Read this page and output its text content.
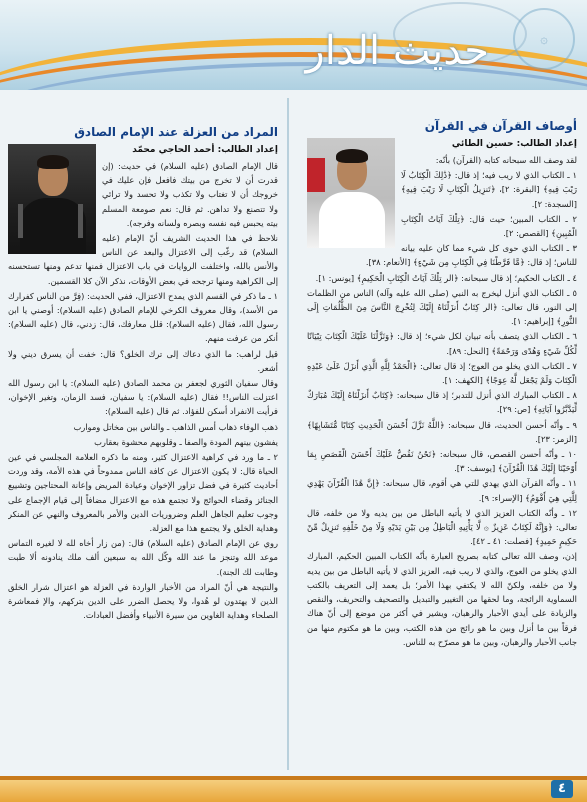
۞
حديث الدار
أوصاف القرآن في القرآن
إعداد الطالب: حسين الطائي

لقد وصف الله سبحانه كتابه (القرآن) بأنّه:

١ ـ الكتاب الذي لا ريب فيه؛ إذ قال: ﴿ذَٰلِكَ الْكِتَابُ لَا رَيْبَ فِيهِ﴾ [البقرة: ٢]، ﴿تَنزِيلُ الْكِتَابِ لَا رَيْبَ فِيهِ﴾ [السجدة: ٢].

٢ ـ الكتاب المبين؛ حيث قال: ﴿تِلْكَ آيَاتُ الْكِتَابِ الْمُبِينِ﴾ [القصص: ٢].

٣ ـ الكتاب الذي حوى كل شيء مما كان عليه بيانه للناس؛ إذ قال: ﴿مَّا فَرَّطْنَا فِي الْكِتَابِ مِن شَيْءٍ﴾ [الأنعام: ٣٨].

٤ ـ الكتاب الحكيم؛ إذ قال سبحانه: ﴿الر تِلْكَ آيَاتُ الْكِتَابِ الْحَكِيمِ﴾ [يونس: ١].

٥ ـ الكتاب الذي أنزل ليخرج به النبي (صلى الله عليه وآله) الناس من الظلمات إلى النور، قال تعالى: ﴿الر كِتَابٌ أَنزَلْنَاهُ إِلَيْكَ لِتُخْرِجَ النَّاسَ مِنَ الظُّلُمَاتِ إِلَى النُّورِ﴾ [إبراهيم: ١].

٦ ـ الكتاب الذي يتصف بأنه تبيان لكل شيء؛ إذ قال: ﴿وَنَزَّلْنَا عَلَيْكَ الْكِتَابَ تِبْيَانًا لِّكُلِّ شَيْءٍ وَهُدًى وَرَحْمَةً﴾ [النحل: ٨٩].

٧ ـ الكتاب الذي يخلو من العوج؛ إذ قال تعالى: ﴿الْحَمْدُ لِلَّهِ الَّذِي أَنزَلَ عَلَىٰ عَبْدِهِ الْكِتَابَ وَلَمْ يَجْعَل لَّهُ عِوَجًا﴾ [الكهف: ١].

٨ ـ الكتاب المبارك الذي أنزل للتدبر؛ إذ قال سبحانه: ﴿كِتَابٌ أَنزَلْنَاهُ إِلَيْكَ مُبَارَكٌ لِّيَدَّبَّرُوا آيَاتِهِ﴾ [ص: ٢٩].

٩ ـ وأنّه أحسن الحديث، قال سبحانه: ﴿اللَّهُ نَزَّلَ أَحْسَنَ الْحَدِيثِ كِتَابًا مُّتَشَابِهًا﴾ [الزمر: ٢٣].

١٠ ـ وأنّه أحسن القصص، قال سبحانه: ﴿نَحْنُ نَقُصُّ عَلَيْكَ أَحْسَنَ الْقَصَصِ بِمَا أَوْحَيْنَا إِلَيْكَ هَٰذَا الْقُرْآنَ﴾ [يوسف: ٣].

١١ ـ وأنّه القرآن الذي يهدي للتي هي أقوم، قال سبحانه: ﴿إِنَّ هَٰذَا الْقُرْآنَ يَهْدِي لِلَّتِي هِيَ أَقْوَمُ﴾ [الإسراء: ٩].

١٢ ـ وأنّه الكتاب العزيز الذي لا يأتيه الباطل من بين يديه ولا من خلفه، قال تعالى: ﴿وَإِنَّهُ لَكِتَابٌ عَزِيزٌ ۞ لَّا يَأْتِيهِ الْبَاطِلُ مِن بَيْنِ يَدَيْهِ وَلَا مِنْ خَلْفِهِ تَنزِيلٌ مِّنْ حَكِيمٍ حَمِيدٍ﴾ [فصلت: ٤١ ـ ٤٢].

إذن، وصف الله تعالى كتابه بصريح العبارة بأنّه الكتاب المبين الحكيم، المبارك الذي يخلو من العوج، والذي لا ريب فيه، العزيز الذي لا يأتيه الباطل من بين يديه ولا من خلفه، ولكنّ الله لا يكتفي بهذا الأمر؛ بل يعمد إلى التعريف بالكتب السماوية الرائجة، وما لحقها من التغيير والتبديل والتصحيف والتحريف، والنقص والزيادة على أيدي الأحبار والرهبان، ويشير في أكثر من موضع إلى أنّ هناك فرقاً بين ما أنزل وبين ما هو رائج من هذه الكتب، وبين ما هو مكتوم منها من جانب الأحبار والرهبان، وبين ما هو مصرّح به للناس.

المراد من العزلة عند الإمام الصادق
إعداد الطالب: أحمد الحاجي محمّد

قال الإمام الصادق (عليه السلام) في حديث: (إن قدرت أن لا تخرج من بيتك فافعل فإن عليك في خروجك أن لا تغتاب ولا تكذب ولا تحسد ولا ترائي ولا تتصنع ولا تداهن. ثم قال: نعم صومعة المسلم بيته يحبس فيه نفسه وبصره ولسانه وفرجه).

نلاحظ في هذا الحديث الشريف أنّ الإمام (عليه السلام) قد رغّب إلى الاعتزال والبعد عن الناس والأنس بالله، واختلفت الروايات في باب الاعتزال فمنها تدعم ومنها تستحسنه إلى الكراهية ومنها ترجحه في بعض الأوقات، نذكر الآن كلا القسمين.

١ ـ ما ذكر في القسم الذي يمدح الاعتزال، ففي الحديث: (فِرَّ من الناس كفرارك من الأسد)، وقال معروف الكرخي للإمام الصادق (عليه السلام): أوصني يا ابن رسول الله، فقال (عليه السلام): قلل معارفك، قال: زدني، قال (عليه السلام): أنكر من عرفت منهم.

قيل لراهب: ما الذي دعاك إلى ترك الخلق؟ قال: خفت أن يسرق ديني ولا أشعر.

وقال سفيان الثوري لجعفر بن محمد الصادق (عليه السلام): يا ابن رسول الله اعتزلت الناس!! فقال (عليه السلام): يا سفيان، فسد الزمان، وتغير الإخوان، فرأيت الانفراد أسكن للفؤاد. ثم قال (عليه السلام):

ذهب الوفاء ذهاب أمس الذاهب ـ والناس بين مخاتل وموارب

يفشون بينهم المودة والصفا ـ وقلوبهم محشوة بعقارب

٢ ـ ما ورد في كراهية الاعتزال كثير، ومنه ما ذكره العلامة المجلسي في عين الحياة قال: لا يكون الاعتزال عن كافة الناس ممدوحاً في هذه الأمة، وقد وردت أحاديث كثيرة في فضل تزاور الإخوان وعيادة المريض وإعانة المحتاجين وتشييع الجنائز وقضاء الحوائج ولا تجتمع هذه مع الاعتزال مضافاً إلى قيام الإجماع على وجوب تعليم الجاهل العلم وضروريات الدين والأمر بالمعروف والنهي عن المنكر وهداية الخلق ولا يجتمع هذا مع العزلة.

روي عن الإمام الصادق (عليه السلام) قال: (من زار أخاه لله لا لغيره التماس موعد الله وتنجز ما عند الله وكّل الله به سبعين ألف ملك ينادونه ألا طبت وطابت لك الجنة).

والنتيجة هي أنّ المراد من الأخبار الواردة في العزلة هو اعتزال شرار الخلق الذين لا يهتدون لو هُدوا، ولا يحصل الضرر على الدين بتركهم، والإ فمعاشرة الصلحاء وهداية الغاوين من سيرة الأنبياء وأفضل العبادات.

٤
